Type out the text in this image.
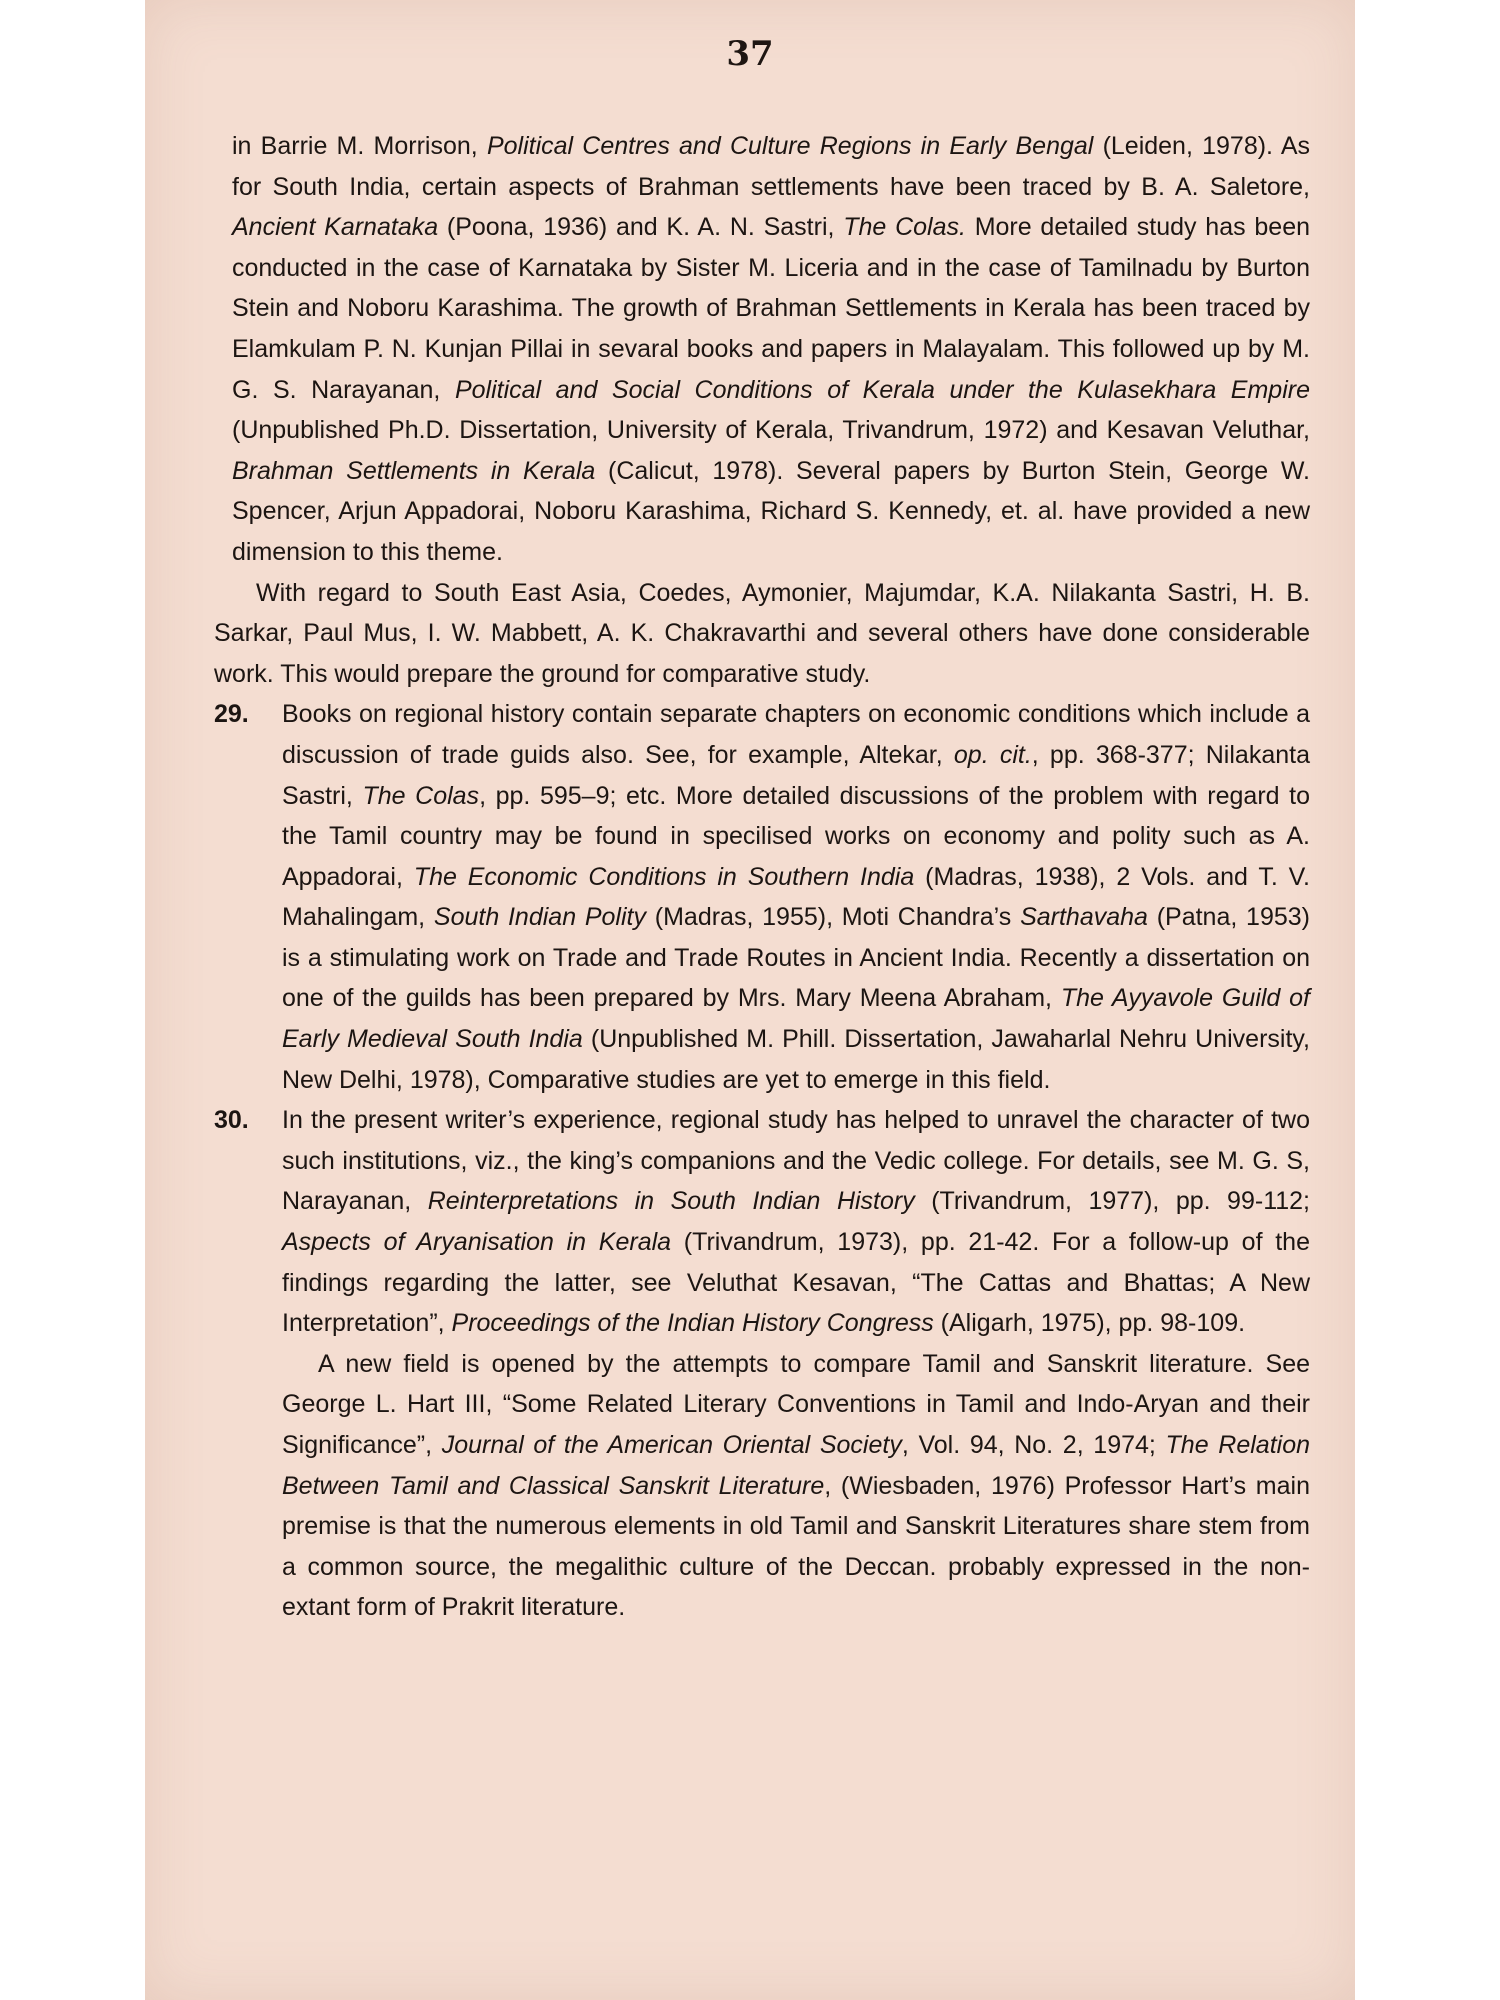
37

in Barrie M. Morrison, Political Centres and Culture Regions in Early Bengal (Leiden, 1978). As for South India, certain aspects of Brahman settlements have been traced by B. A. Saletore, Ancient Karnataka (Poona, 1936) and K. A. N. Sastri, The Colas. More detailed study has been conducted in the case of Karnataka by Sister M. Liceria and in the case of Tamilnadu by Burton Stein and Noboru Karashima. The growth of Brahman Settlements in Kerala has been traced by Elamkulam P. N. Kunjan Pillai in sevaral books and papers in Malayalam. This followed up by M. G. S. Narayanan, Political and Social Conditions of Kerala under the Kulasekhara Empire (Unpublished Ph.D. Dissertation, University of Kerala, Trivandrum, 1972) and Kesavan Veluthar, Brahman Settlements in Kerala (Calicut, 1978). Several papers by Burton Stein, George W. Spencer, Arjun Appadorai, Noboru Karashima, Richard S. Kennedy, et. al. have provided a new dimension to this theme.

With regard to South East Asia, Coedes, Aymonier, Majumdar, K.A. Nilakanta Sastri, H. B. Sarkar, Paul Mus, I. W. Mabbett, A. K. Chakravarthi and several others have done considerable work. This would prepare the ground for comparative study.

29. Books on regional history contain separate chapters on economic conditions which include a discussion of trade guids also. See, for example, Altekar, op. cit., pp. 368-377; Nilakanta Sastri, The Colas, pp. 595–9; etc. More detailed discussions of the problem with regard to the Tamil country may be found in specilised works on economy and polity such as A. Appadorai, The Economic Conditions in Southern India (Madras, 1938), 2 Vols. and T. V. Mahalingam, South Indian Polity (Madras, 1955), Moti Chandra’s Sarthavaha (Patna, 1953) is a stimulating work on Trade and Trade Routes in Ancient India. Recently a dissertation on one of the guilds has been prepared by Mrs. Mary Meena Abraham, The Ayyavole Guild of Early Medieval South India (Unpublished M. Phill. Dissertation, Jawaharlal Nehru University, New Delhi, 1978), Comparative studies are yet to emerge in this field.

30. In the present writer’s experience, regional study has helped to unravel the character of two such institutions, viz., the king’s companions and the Vedic college. For details, see M. G. S, Narayanan, Reinterpretations in South Indian History (Trivandrum, 1977), pp. 99-112; Aspects of Aryanisation in Kerala (Trivandrum, 1973), pp. 21-42. For a follow-up of the findings regarding the latter, see Veluthat Kesavan, “The Cattas and Bhattas; A New Interpretation”, Proceedings of the Indian History Congress (Aligarh, 1975), pp. 98-109.

A new field is opened by the attempts to compare Tamil and Sanskrit literature. See George L. Hart III, “Some Related Literary Conventions in Tamil and Indo-Aryan and their Significance”, Journal of the American Oriental Society, Vol. 94, No. 2, 1974; The Relation Between Tamil and Classical Sanskrit Literature, (Wiesbaden, 1976) Professor Hart’s main premise is that the numerous elements in old Tamil and Sanskrit Literatures share stem from a common source, the megalithic culture of the Deccan. probably expressed in the non-extant form of Prakrit literature.
